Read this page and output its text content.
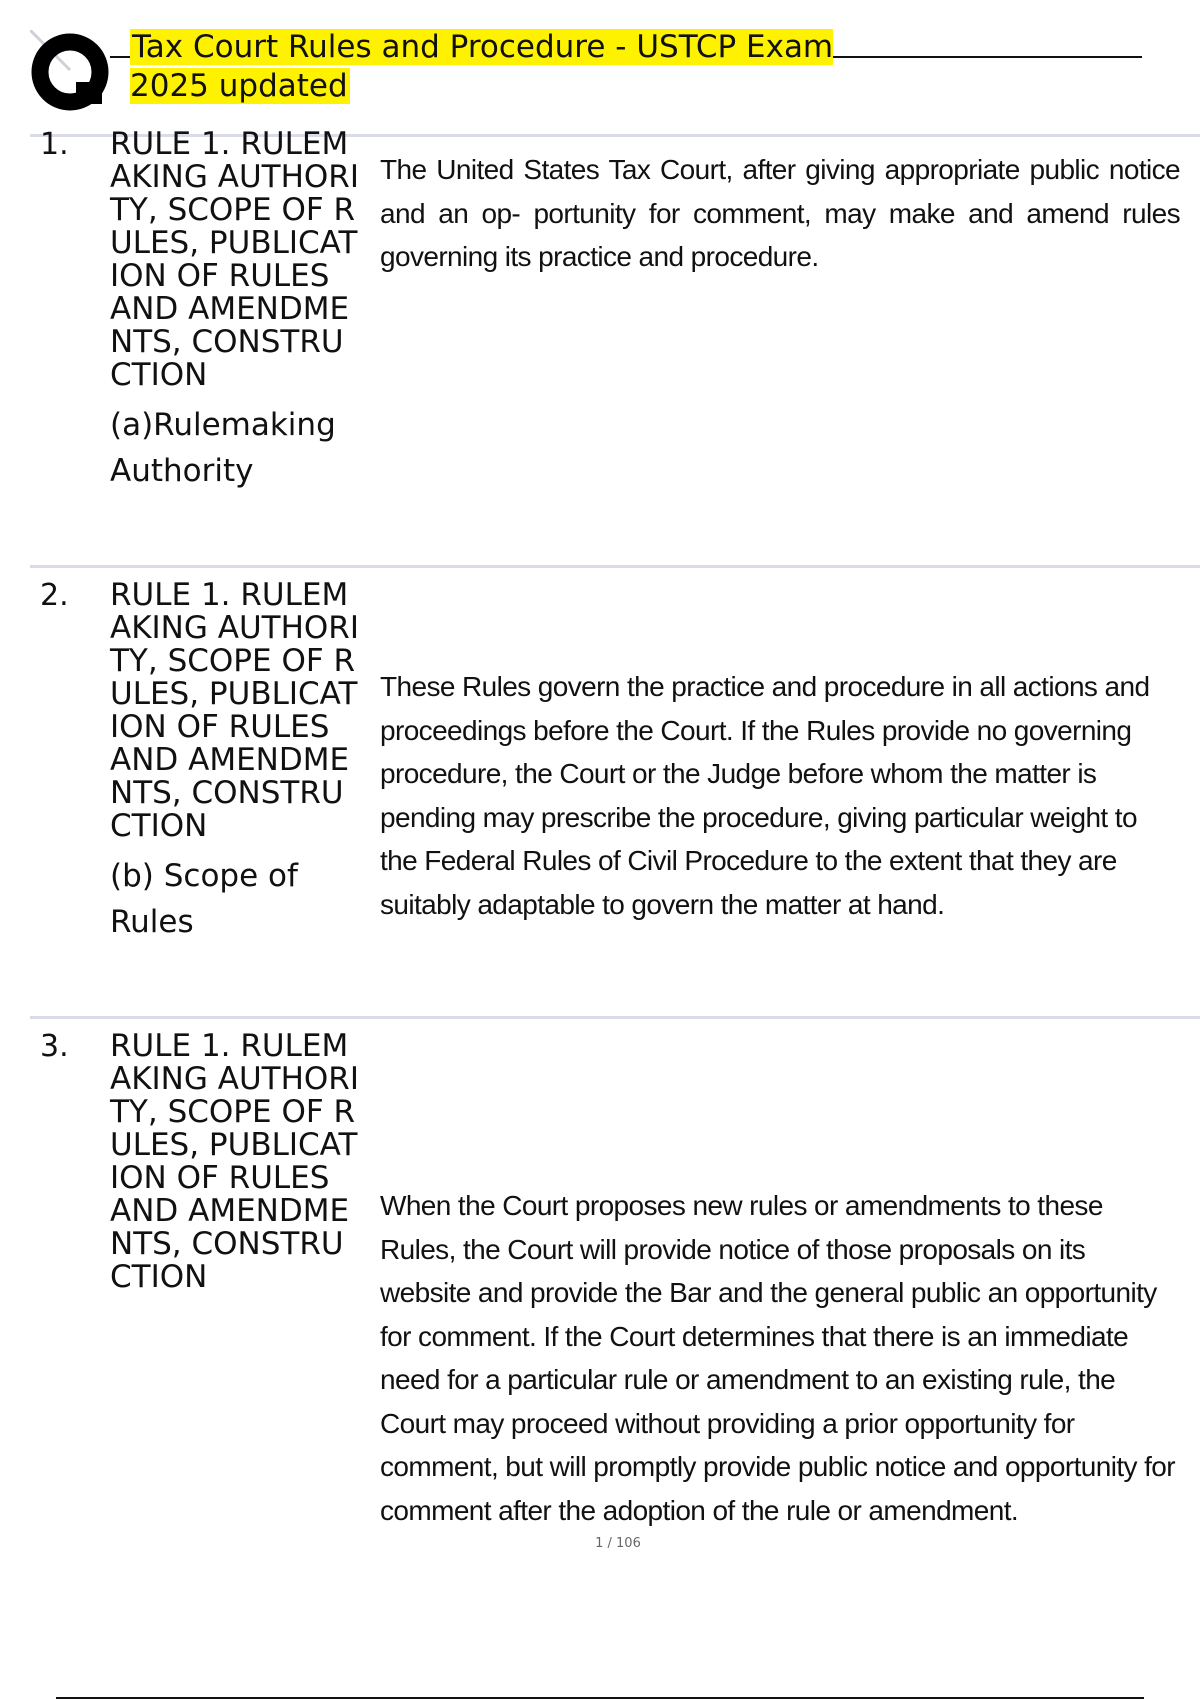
Tax Court Rules and Procedure - USTCP Exam 2025 updated
1. RULE 1. RULEMAKING AUTHORITY, SCOPE OF RULES, PUBLICATION OF RULES AND AMENDMENTS, CONSTRUCTION
(a)Rulemaking Authority
The United States Tax Court, after giving appropriate public notice and an op- portunity for comment, may make and amend rules governing its practice and procedure.
2. RULE 1. RULEMAKING AUTHORITY, SCOPE OF RULES, PUBLICATION OF RULES AND AMENDMENTS, CONSTRUCTION
(b) Scope of Rules
These Rules govern the practice and procedure in all actions and proceedings before the Court. If the Rules provide no governing procedure, the Court or the Judge before whom the matter is pending may prescribe the procedure, giving particular weight to the Federal Rules of Civil Procedure to the extent that they are suitably adaptable to govern the matter at hand.
3. RULE 1. RULEMAKING AUTHORITY, SCOPE OF RULES, PUBLICATION OF RULES AND AMENDMENTS, CONSTRUCTION
When the Court proposes new rules or amendments to these Rules, the Court will provide notice of those proposals on its website and provide the Bar and the general public an opportunity for comment. If the Court determines that there is an immediate need for a particular rule or amendment to an existing rule, the Court may proceed without providing a prior opportunity for comment, but will promptly provide public notice and opportunity for comment after the adoption of the rule or amendment.
1 / 106
